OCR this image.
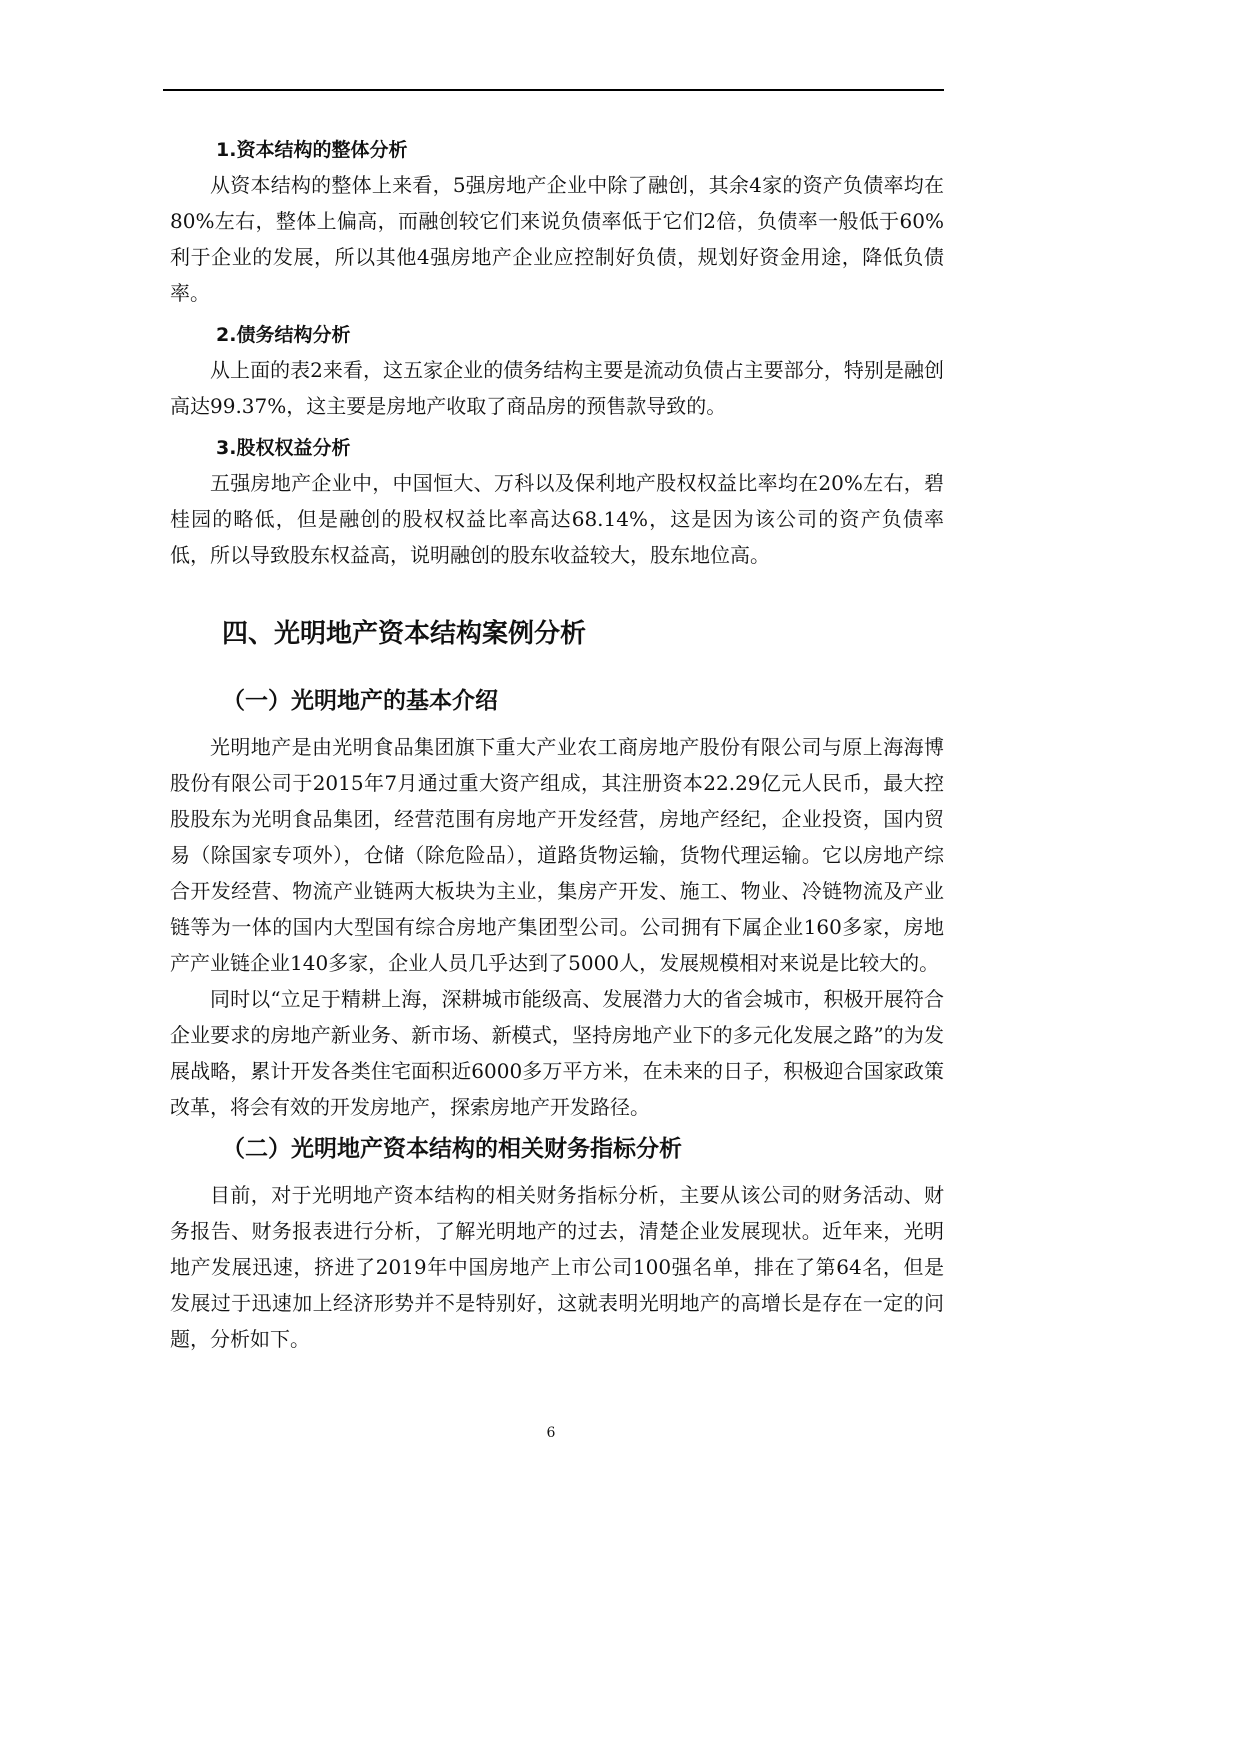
1.资本结构的整体分析

从资本结构的整体上来看，5强房地产企业中除了融创，其余4家的资产负债率均在80%左右，整体上偏高，而融创较它们来说负债率低于它们2倍，负债率一般低于60%利于企业的发展，所以其他4强房地产企业应控制好负债，规划好资金用途，降低负债率。

2.债务结构分析

从上面的表2来看，这五家企业的债务结构主要是流动负债占主要部分，特别是融创高达99.37%，这主要是房地产收取了商品房的预售款导致的。

3.股权权益分析

五强房地产企业中，中国恒大、万科以及保利地产股权权益比率均在20%左右，碧桂园的略低，但是融创的股权权益比率高达68.14%，这是因为该公司的资产负债率低，所以导致股东权益高，说明融创的股东收益较大，股东地位高。

四、光明地产资本结构案例分析
（一）光明地产的基本介绍

光明地产是由光明食品集团旗下重大产业农工商房地产股份有限公司与原上海海博股份有限公司于2015年7月通过重大资产组成，其注册资本22.29亿元人民币，最大控股股东为光明食品集团，经营范围有房地产开发经营，房地产经纪，企业投资，国内贸易（除国家专项外），仓储（除危险品），道路货物运输，货物代理运输。它以房地产综合开发经营、物流产业链两大板块为主业，集房产开发、施工、物业、冷链物流及产业链等为一体的国内大型国有综合房地产集团型公司。公司拥有下属企业160多家，房地产产业链企业140多家，企业人员几乎达到了5000人，发展规模相对来说是比较大的。

同时以“立足于精耕上海，深耕城市能级高、发展潜力大的省会城市，积极开展符合企业要求的房地产新业务、新市场、新模式，坚持房地产业下的多元化发展之路”的为发展战略，累计开发各类住宅面积近6000多万平方米，在未来的日子，积极迎合国家政策改革，将会有效的开发房地产，探索房地产开发路径。

（二）光明地产资本结构的相关财务指标分析

目前，对于光明地产资本结构的相关财务指标分析，主要从该公司的财务活动、财务报告、财务报表进行分析，了解光明地产的过去，清楚企业发展现状。近年来，光明地产发展迅速，挤进了2019年中国房地产上市公司100强名单，排在了第64名，但是发展过于迅速加上经济形势并不是特别好，这就表明光明地产的高增长是存在一定的问题，分析如下。

6
